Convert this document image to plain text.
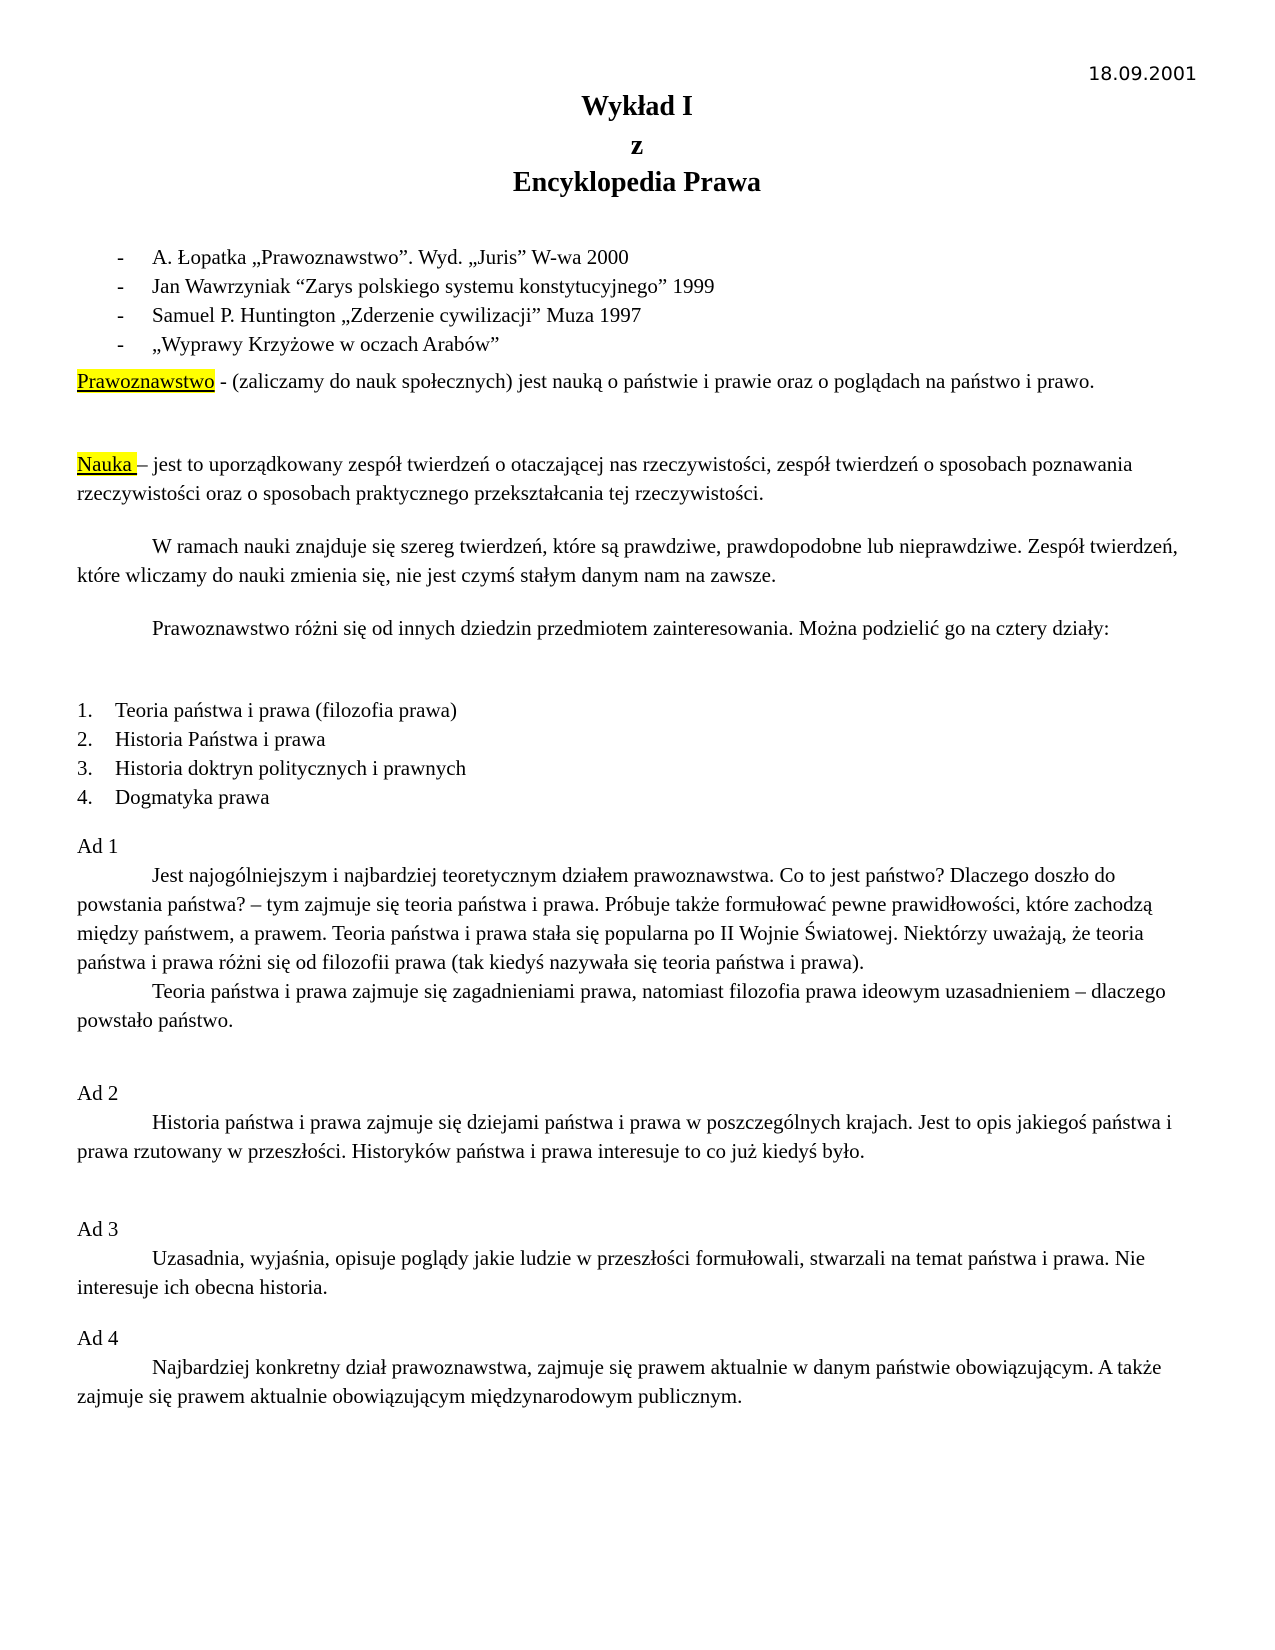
18.09.2001
Wykład I
z
Encyklopedia Prawa
- A. Łopatka „Prawoznawstwo”. Wyd. „Juris” W-wa 2000
- Jan Wawrzyniak “Zarys polskiego systemu konstytucyjnego” 1999
- Samuel P. Huntington „Zderzenie cywilizacji” Muza 1997
- „Wyprawy Krzyżowe w oczach Arabów”

Prawoznawstwo - (zaliczamy do nauk społecznych) jest nauką o państwie i prawie oraz o poglądach na państwo i prawo.

Nauka – jest to uporządkowany zespół twierdzeń o otaczającej nas rzeczywistości, zespół twierdzeń o sposobach poznawania rzeczywistości oraz o sposobach praktycznego przekształcania tej rzeczywistości.

W ramach nauki znajduje się szereg twierdzeń, które są prawdziwe, prawdopodobne lub nieprawdziwe. Zespół twierdzeń, które wliczamy do nauki zmienia się, nie jest czymś stałym danym nam na zawsze.

Prawoznawstwo różni się od innych dziedzin przedmiotem zainteresowania. Można podzielić go na cztery działy:

1. Teoria państwa i prawa (filozofia prawa)
2. Historia Państwa i prawa
3. Historia doktryn politycznych i prawnych
4. Dogmatyka prawa
Ad 1

Jest najogólniejszym i najbardziej teoretycznym działem prawoznawstwa. Co to jest państwo? Dlaczego doszło do powstania państwa? – tym zajmuje się teoria państwa i prawa. Próbuje także formułować pewne prawidłowości, które zachodzą między państwem, a prawem. Teoria państwa i prawa stała się popularna po II Wojnie Światowej. Niektórzy uważają, że teoria państwa i prawa różni się od filozofii prawa (tak kiedyś nazywała się teoria państwa i prawa).

Teoria państwa i prawa zajmuje się zagadnieniami prawa, natomiast filozofia prawa ideowym uzasadnieniem – dlaczego powstało państwo.

Ad 2

Historia państwa i prawa zajmuje się dziejami państwa i prawa w poszczególnych krajach. Jest to opis jakiegoś państwa i prawa rzutowany w przeszłości. Historyków państwa i prawa interesuje to co już kiedyś było.

Ad 3

Uzasadnia, wyjaśnia, opisuje poglądy jakie ludzie w przeszłości formułowali, stwarzali na temat państwa i prawa. Nie interesuje ich obecna historia.

Ad 4

Najbardziej konkretny dział prawoznawstwa, zajmuje się prawem aktualnie w danym państwie obowiązującym. A także zajmuje się prawem aktualnie obowiązującym międzynarodowym publicznym.
